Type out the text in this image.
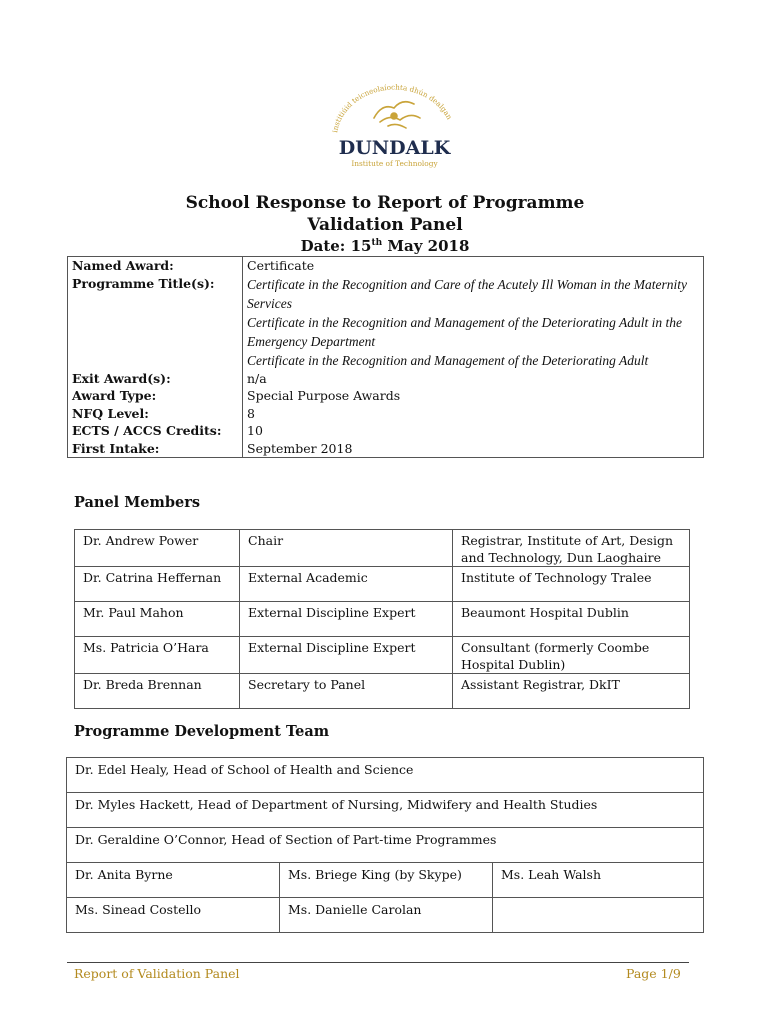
institiúid teicneolaíochta dhún dealgan
DUNDALK
Institute of Technology
School Response to Report of Programme
Validation Panel
Date: 15th May 2018
Named Award:	Certificate
Programme Title(s):	Certificate in the Recognition and Care of the Acutely Ill Woman in the Maternity Services
Certificate in the Recognition and Management of the Deteriorating Adult in the Emergency Department
Certificate in the Recognition and Management of the Deteriorating Adult

Exit Award(s):	n/a
Award Type:	Special Purpose Awards
NFQ Level:	8
ECTS / ACCS Credits:	10
First Intake:	September 2018
Panel Members
Dr. Andrew Power	Chair	Registrar, Institute of Art, Design and Technology, Dun Laoghaire
Dr. Catrina Heffernan	External Academic	Institute of Technology Tralee
Mr. Paul Mahon	External Discipline Expert	Beaumont Hospital Dublin
Ms. Patricia O’Hara	External Discipline Expert	Consultant (formerly Coombe Hospital Dublin)
Dr. Breda Brennan	Secretary to Panel	Assistant Registrar, DkIT
Programme Development Team
Dr. Edel Healy, Head of School of Health and Science		
Dr. Myles Hackett, Head of Department of Nursing, Midwifery and Health Studies		
Dr. Geraldine O’Connor, Head of Section of Part-time Programmes		
Dr. Anita Byrne	Ms. Briege King (by Skype)	Ms. Leah Walsh
Ms. Sinead Costello	Ms. Danielle Carolan	
Report of Validation Panel	Page 1/9
